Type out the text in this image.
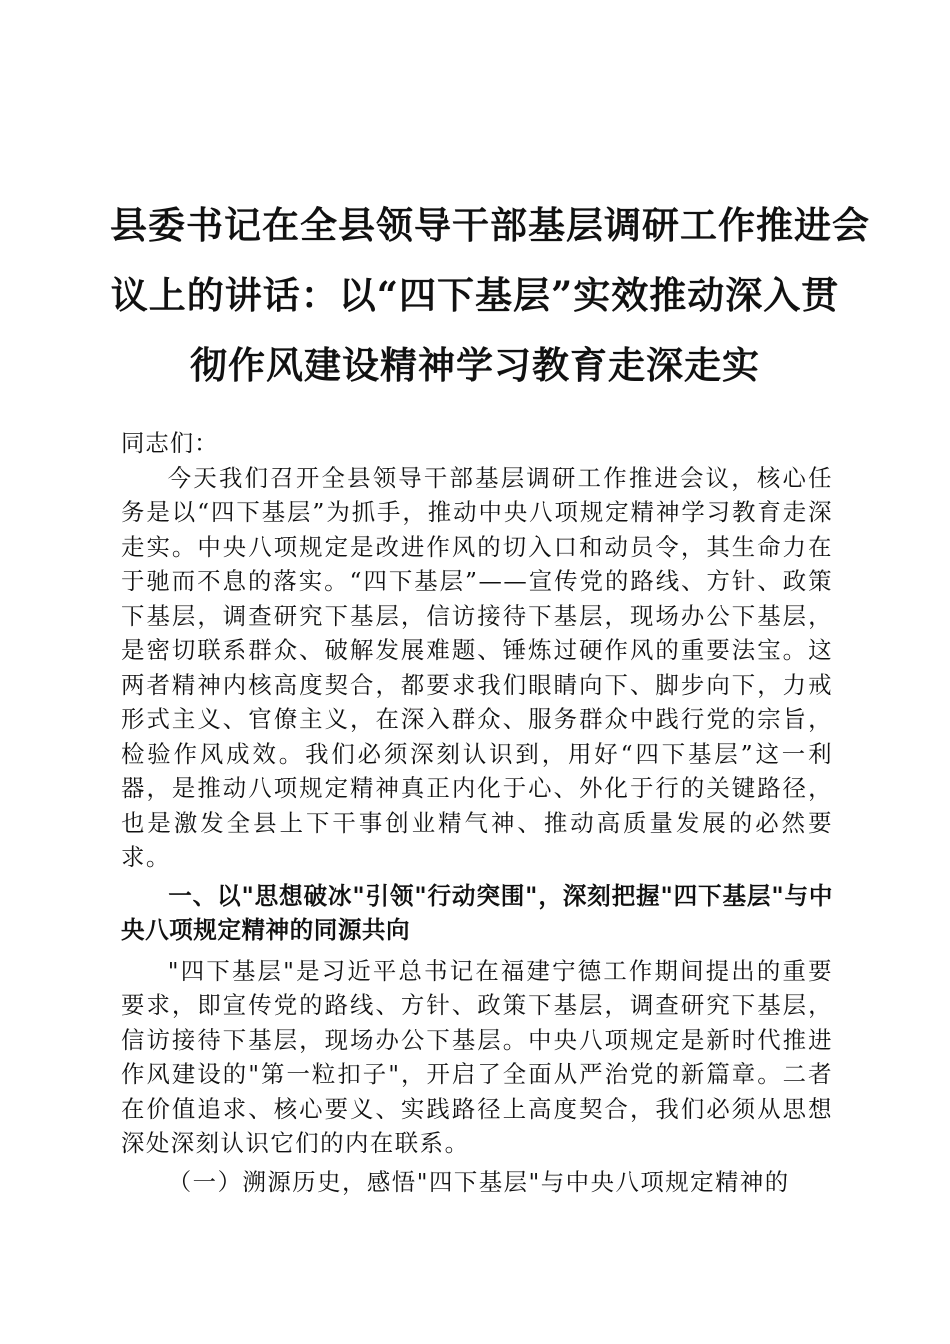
县委书记在全县领导干部基层调研工作推进会
议上的讲话：以“四下基层”实效推动深入贯
彻作风建设精神学习教育走深走实

同志们：

今天我们召开全县领导干部基层调研工作推进会议，核心任务是以“四下基层”为抓手，推动中央八项规定精神学习教育走深走实。中央八项规定是改进作风的切入口和动员令，其生命力在于驰而不息的落实。“四下基层”——宣传党的路线、方针、政策下基层，调查研究下基层，信访接待下基层，现场办公下基层，是密切联系群众、破解发展难题、锤炼过硬作风的重要法宝。这两者精神内核高度契合，都要求我们眼睛向下、脚步向下，力戒形式主义、官僚主义，在深入群众、服务群众中践行党的宗旨，检验作风成效。我们必须深刻认识到，用好“四下基层”这一利器，是推动八项规定精神真正内化于心、外化于行的关键路径，也是激发全县上下干事创业精气神、推动高质量发展的必然要求。

一、以"思想破冰"引领"行动突围"，深刻把握"四下基层"与中央八项规定精神的同源共向

"四下基层"是习近平总书记在福建宁德工作期间提出的重要要求，即宣传党的路线、方针、政策下基层，调查研究下基层，信访接待下基层，现场办公下基层。中央八项规定是新时代推进作风建设的"第一粒扣子"，开启了全面从严治党的新篇章。二者在价值追求、核心要义、实践路径上高度契合，我们必须从思想深处深刻认识它们的内在联系。

（一）溯源历史，感悟"四下基层"与中央八项规定精神的
